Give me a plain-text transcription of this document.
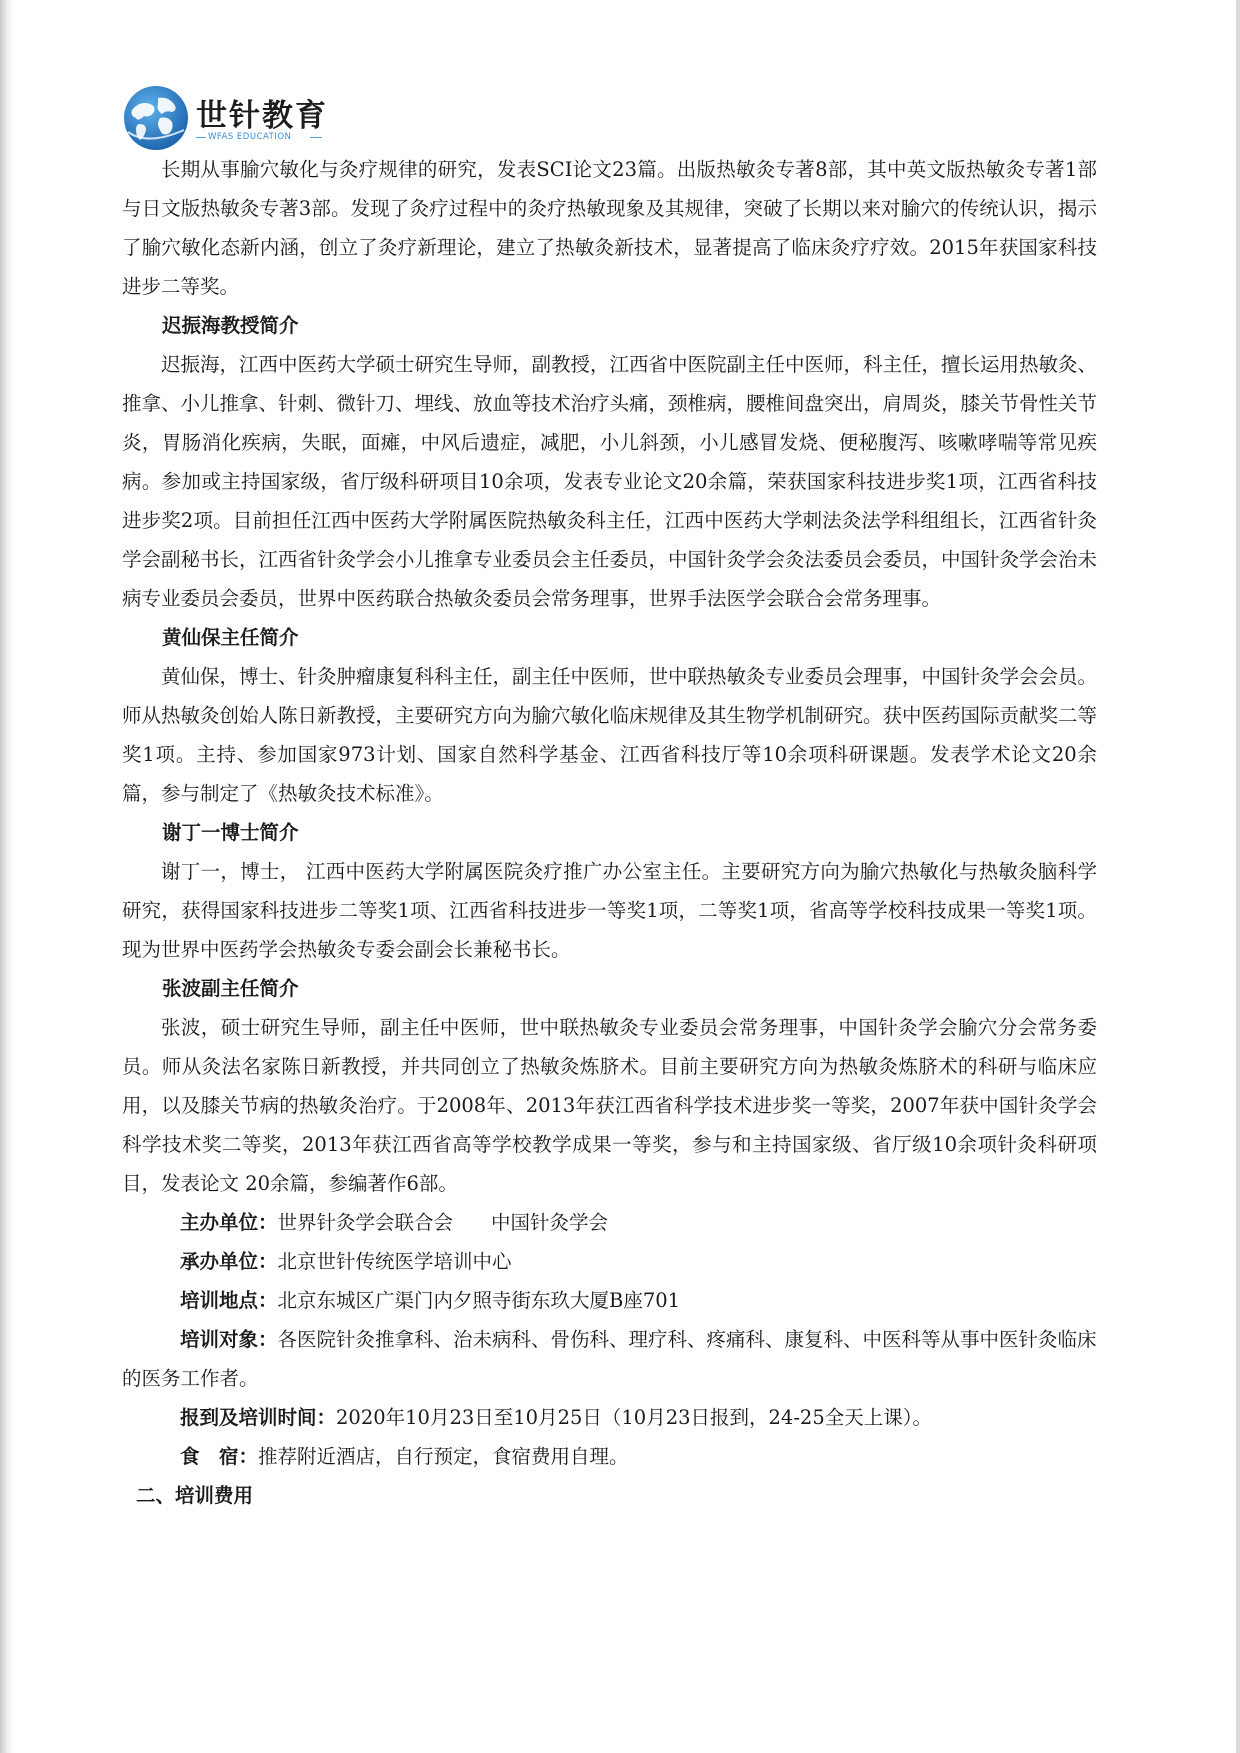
世针教育
WFAS EDUCATION

长期从事腧穴敏化与灸疗规律的研究，发表SCI论文23篇。出版热敏灸专著8部，其中英文版热敏灸专著1部与日文版热敏灸专著3部。发现了灸疗过程中的灸疗热敏现象及其规律，突破了长期以来对腧穴的传统认识，揭示了腧穴敏化态新内涵，创立了灸疗新理论，建立了热敏灸新技术，显著提高了临床灸疗疗效。2015年获国家科技进步二等奖。

迟振海教授简介

迟振海，江西中医药大学硕士研究生导师，副教授，江西省中医院副主任中医师，科主任，擅长运用热敏灸、推拿、小儿推拿、针刺、微针刀、埋线、放血等技术治疗头痛，颈椎病，腰椎间盘突出，肩周炎，膝关节骨性关节炎，胃肠消化疾病，失眠，面瘫，中风后遗症，减肥，小儿斜颈，小儿感冒发烧、便秘腹泻、咳嗽哮喘等常见疾病。参加或主持国家级，省厅级科研项目10余项，发表专业论文20余篇，荣获国家科技进步奖1项，江西省科技进步奖2项。目前担任江西中医药大学附属医院热敏灸科主任，江西中医药大学刺法灸法学科组组长，江西省针灸学会副秘书长，江西省针灸学会小儿推拿专业委员会主任委员，中国针灸学会灸法委员会委员，中国针灸学会治未病专业委员会委员，世界中医药联合热敏灸委员会常务理事，世界手法医学会联合会常务理事。

黄仙保主任简介

黄仙保，博士、针灸肿瘤康复科科主任，副主任中医师，世中联热敏灸专业委员会理事，中国针灸学会会员。师从热敏灸创始人陈日新教授，主要研究方向为腧穴敏化临床规律及其生物学机制研究。获中医药国际贡献奖二等奖1项。主持、参加国家973计划、国家自然科学基金、江西省科技厅等10余项科研课题。发表学术论文20余篇，参与制定了《热敏灸技术标准》。

谢丁一博士简介

谢丁一，博士， 江西中医药大学附属医院灸疗推广办公室主任。主要研究方向为腧穴热敏化与热敏灸脑科学研究，获得国家科技进步二等奖1项、江西省科技进步一等奖1项，二等奖1项，省高等学校科技成果一等奖1项。现为世界中医药学会热敏灸专委会副会长兼秘书长。

张波副主任简介

张波，硕士研究生导师，副主任中医师，世中联热敏灸专业委员会常务理事，中国针灸学会腧穴分会常务委员。师从灸法名家陈日新教授，并共同创立了热敏灸炼脐术。目前主要研究方向为热敏灸炼脐术的科研与临床应用，以及膝关节病的热敏灸治疗。于2008年、2013年获江西省科学技术进步奖一等奖，2007年获中国针灸学会科学技术奖二等奖，2013年获江西省高等学校教学成果一等奖，参与和主持国家级、省厅级10余项针灸科研项目，发表论文 20余篇，参编著作6部。

主办单位：世界针灸学会联合会 中国针灸学会

承办单位：北京世针传统医学培训中心

培训地点：北京东城区广渠门内夕照寺街东玖大厦B座701

培训对象：各医院针灸推拿科、治未病科、骨伤科、理疗科、疼痛科、康复科、中医科等从事中医针灸临床的医务工作者。

报到及培训时间：2020年10月23日至10月25日（10月23日报到，24-25全天上课）。

食　宿：推荐附近酒店，自行预定，食宿费用自理。

二、培训费用
